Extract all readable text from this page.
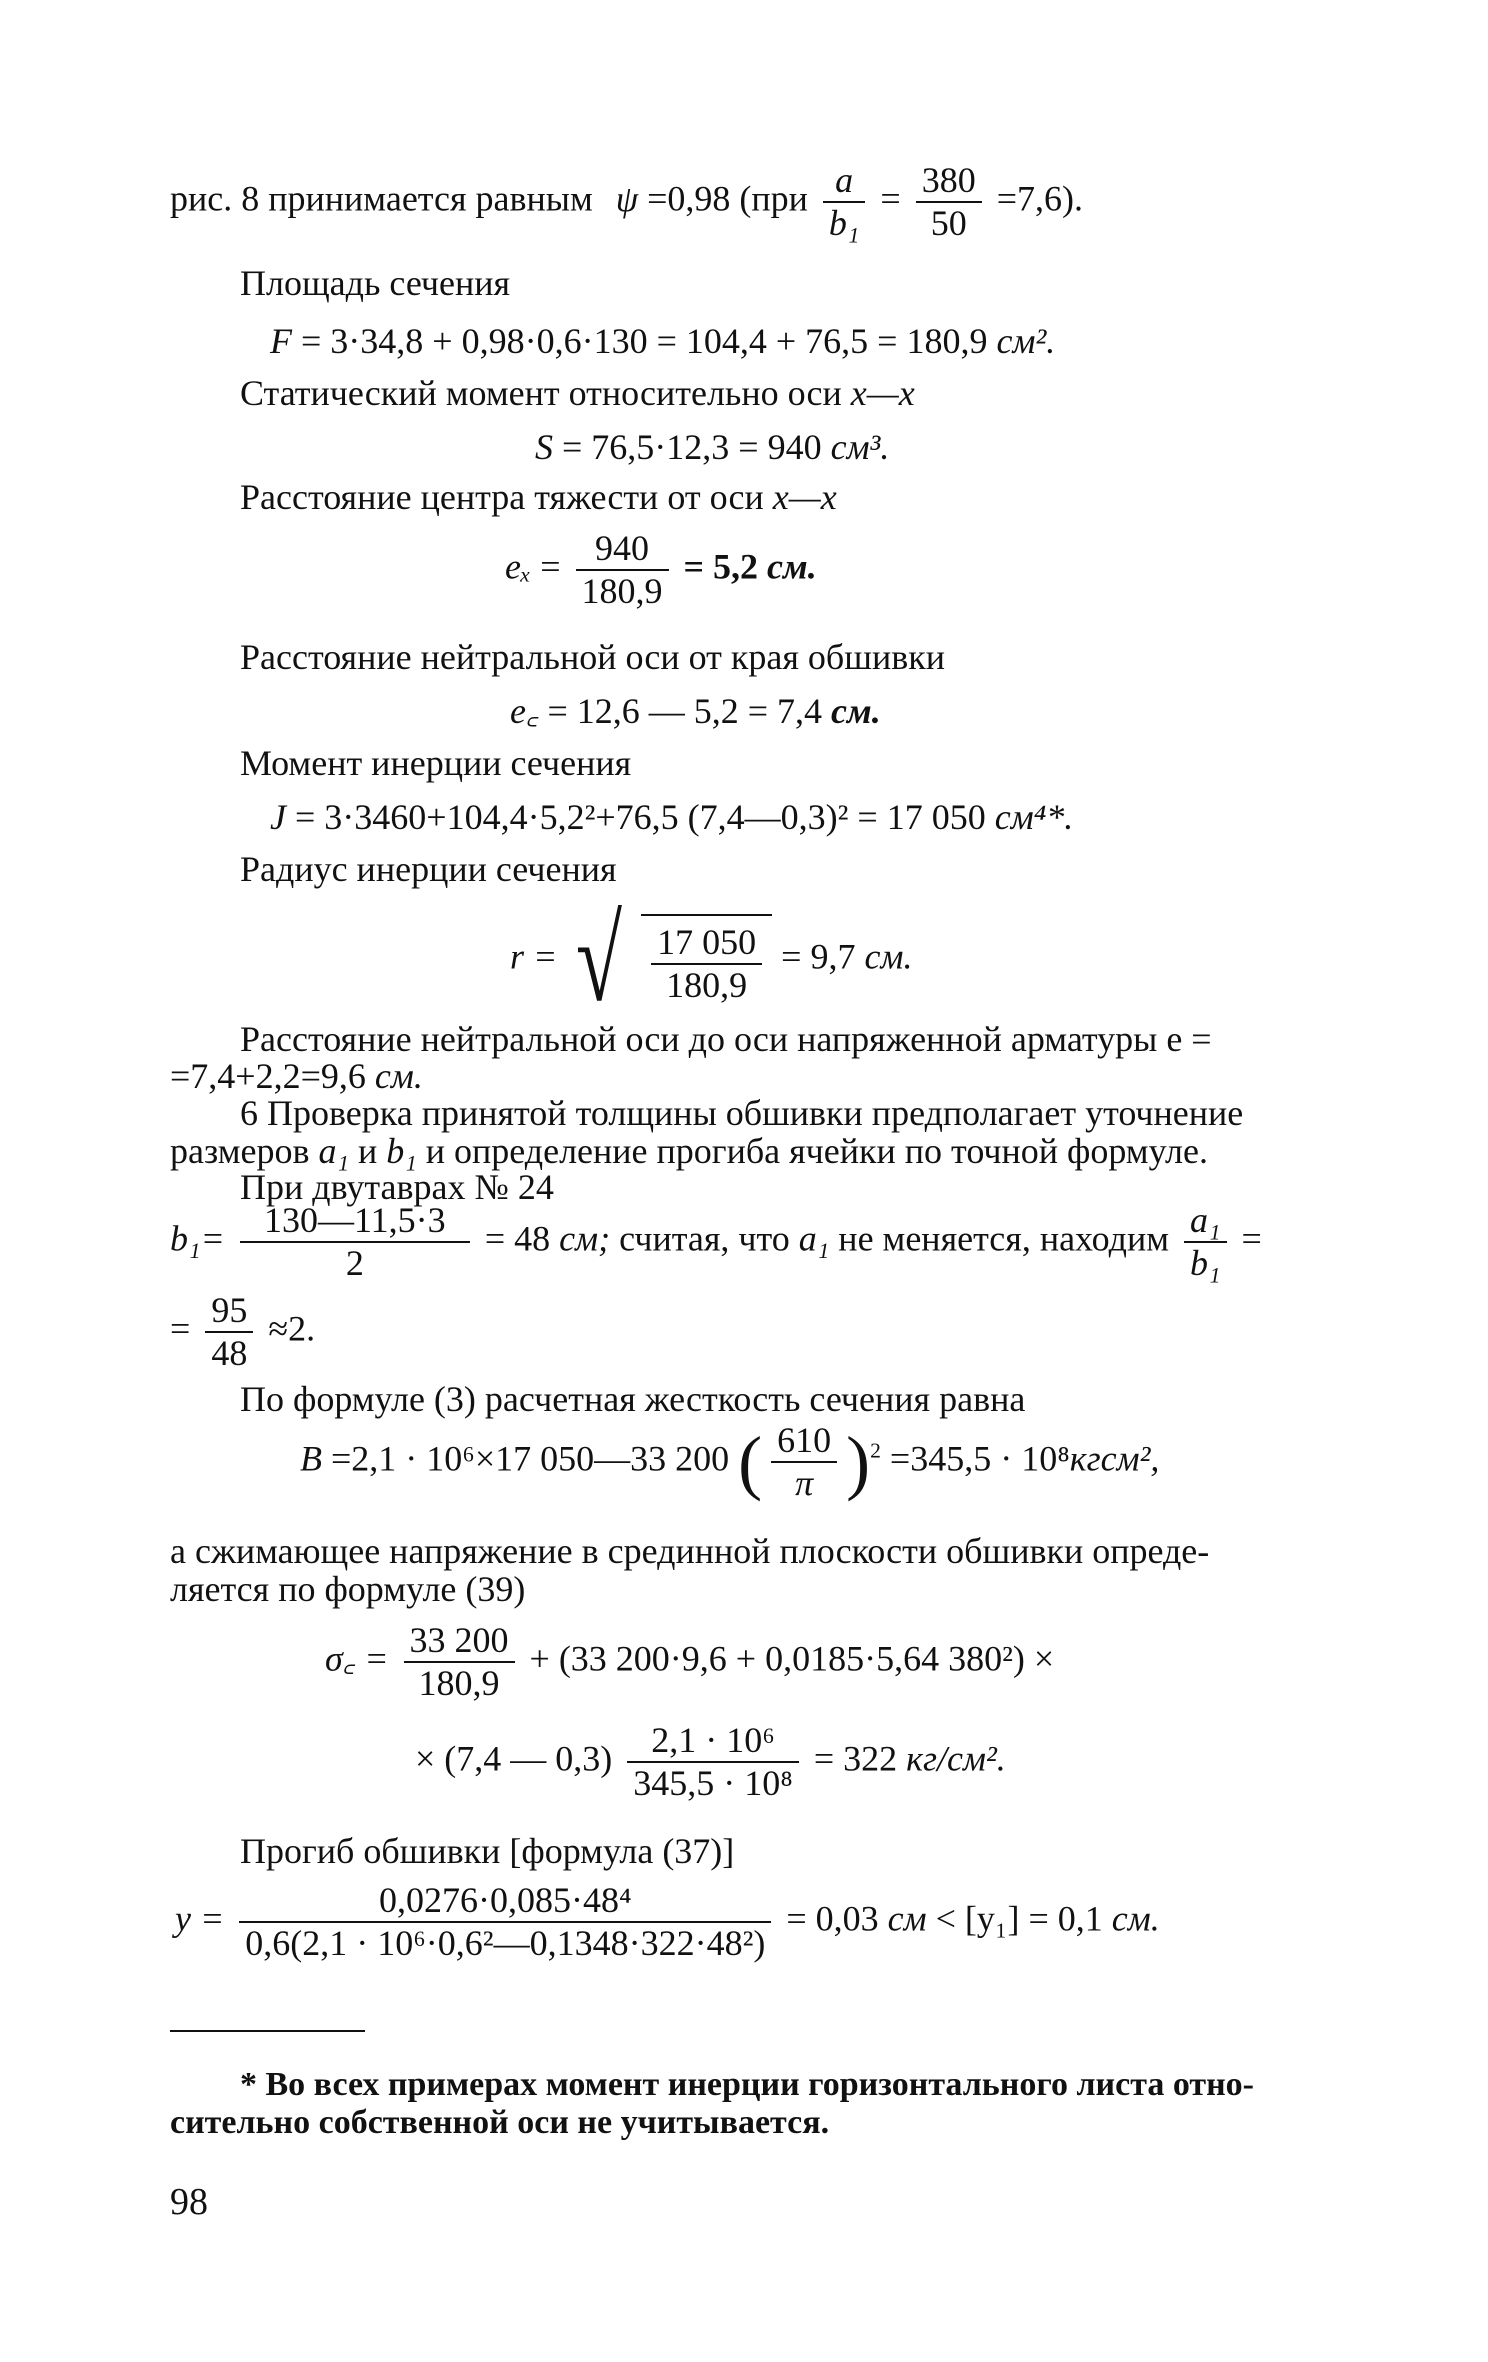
рис. 8 принимается равным ψ =0,98 $(при \frac{a}{\text{b₁}} = \frac{380}{50} =7,6)$.
Площадь сечения
F = 3·34,8 + 0,98·0,6·130 = 104,4 + 76,5 = 180,9 см².
Статический момент относительно оси x—x
S = 76,5·12,3 = 940 см³.
Расстояние центра тяжести от оси x—x
$e_x = \frac{940}{180,9} = 5,2$ см.
Расстояние нейтральной оси от края обшивки
e꜀ = 12,6 — 5,2 = 7,4 см.
Момент инерции сечения
J = 3·3460+104,4·5,2²+76,5 (7,4—0,3)² = 17 050 см⁴*.
Радиус инерции сечения
r = √ $\frac{17 050}{180,9} = 9,7$ см.
Расстояние нейтральной оси до оси напряженной арматуры e =
=7,4+2,2=9,6 см.
6 Проверка принятой толщины обшивки предполагает уточнение
размеров a₁ и b₁ и определение прогиба ячейки по точной формуле.
При двутаврах № 24
$b_1= \frac{130—11,5\cdot 3}{2} = 48$ см; считая, что a₁ не меняется, находим $\frac{\text{a₁}}{\text{b₁}}$ =
= $\frac{95}{48} \approx 2$.
По формуле (3) расчетная жесткость сечения равна
B =2,1 · 10⁶×17 050—33 200 ( $\frac{610}{\pi} )^2 =345,5$ · 10⁸кгсм²,
а сжимающее напряжение в срединной плоскости обшивки опреде-
ляется по формуле (39)
σ꜀ = $\frac{33 200}{180,9} + (33$ 200·9,6 + 0,0185·5,64 380²) ×
× (7,4 — $0,3) \frac{\text{2,1 · 10⁶}}{\text{345,5 · 10⁸}} = 322$ кг/см².
Прогиб обшивки [формула (37)]
$y = \frac{\text{0,0276·0,085·48⁴}}{\text{0,6(2,1 · 10⁶·0,6²—0,1348·322·48²)}} = 0,03$ см < [y₁] = 0,1 см.
* Во всех примерах момент инерции горизонтального листа отно-
сительно собственной оси не учитывается.
98
